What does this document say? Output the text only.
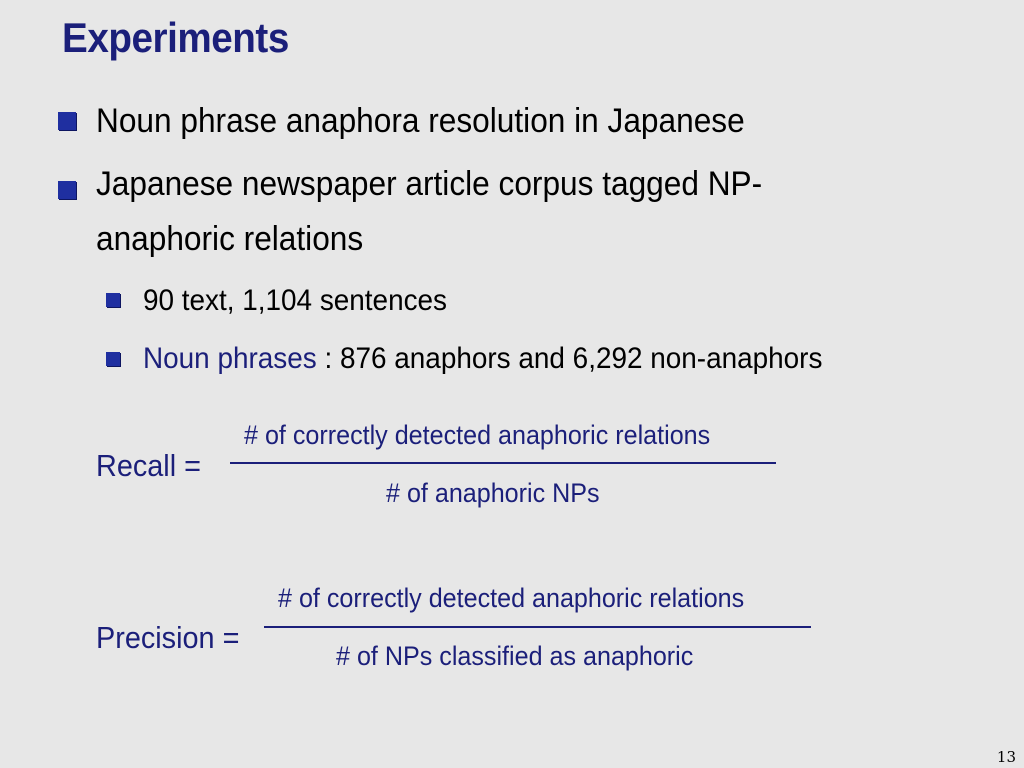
Experiments
Noun phrase anaphora resolution in Japanese
Japanese newspaper article corpus tagged NP-
anaphoric relations
90 text, 1,104 sentences
Noun phrases : 876 anaphors and 6,292 non-anaphors
Recall =
# of correctly detected anaphoric relations
# of anaphoric NPs
Precision =
# of correctly detected anaphoric relations
# of NPs classified as anaphoric
13
